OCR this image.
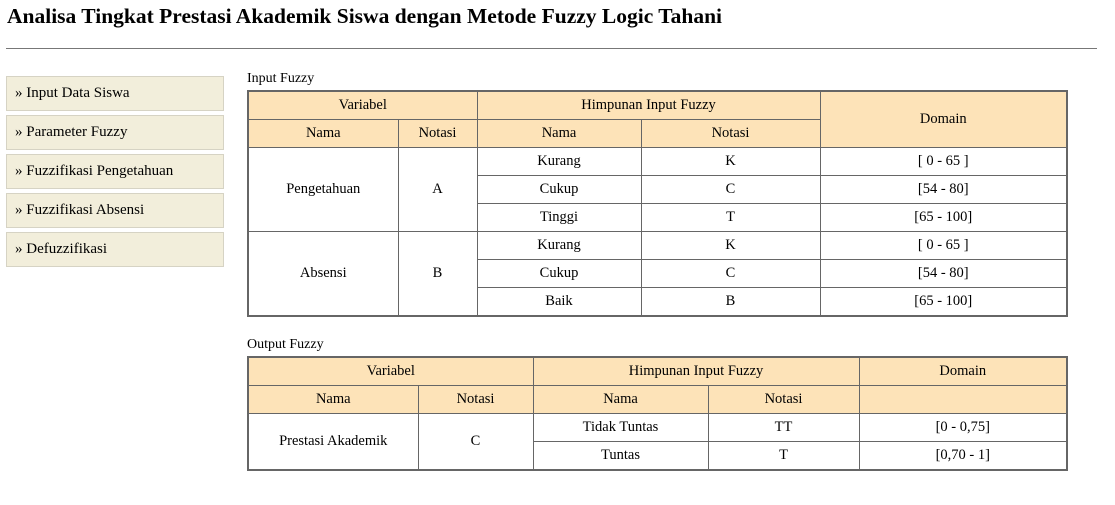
Analisa Tingkat Prestasi Akademik Siswa dengan Metode Fuzzy Logic Tahani
» Input Data Siswa
» Parameter Fuzzy
» Fuzzifikasi Pengetahuan
» Fuzzifikasi Absensi
» Defuzzifikasi
Input Fuzzy
Variabel		Himpunan Input Fuzzy		Domain
Nama	Notasi	Nama	Notasi	
Pengetahuan	A	Kurang	K	[ 0 - 65 ]
		Cukup	C	[54 - 80]
		Tinggi	T	[65 - 100]
Absensi	B	Kurang	K	[ 0 - 65 ]
		Cukup	C	[54 - 80]
		Baik	B	[65 - 100]
Output Fuzzy
Variabel		Himpunan Input Fuzzy		Domain
Nama	Notasi	Nama	Notasi	
Prestasi Akademik	C	Tidak Tuntas	TT	[0 - 0,75]
		Tuntas	T	[0,70 - 1]
